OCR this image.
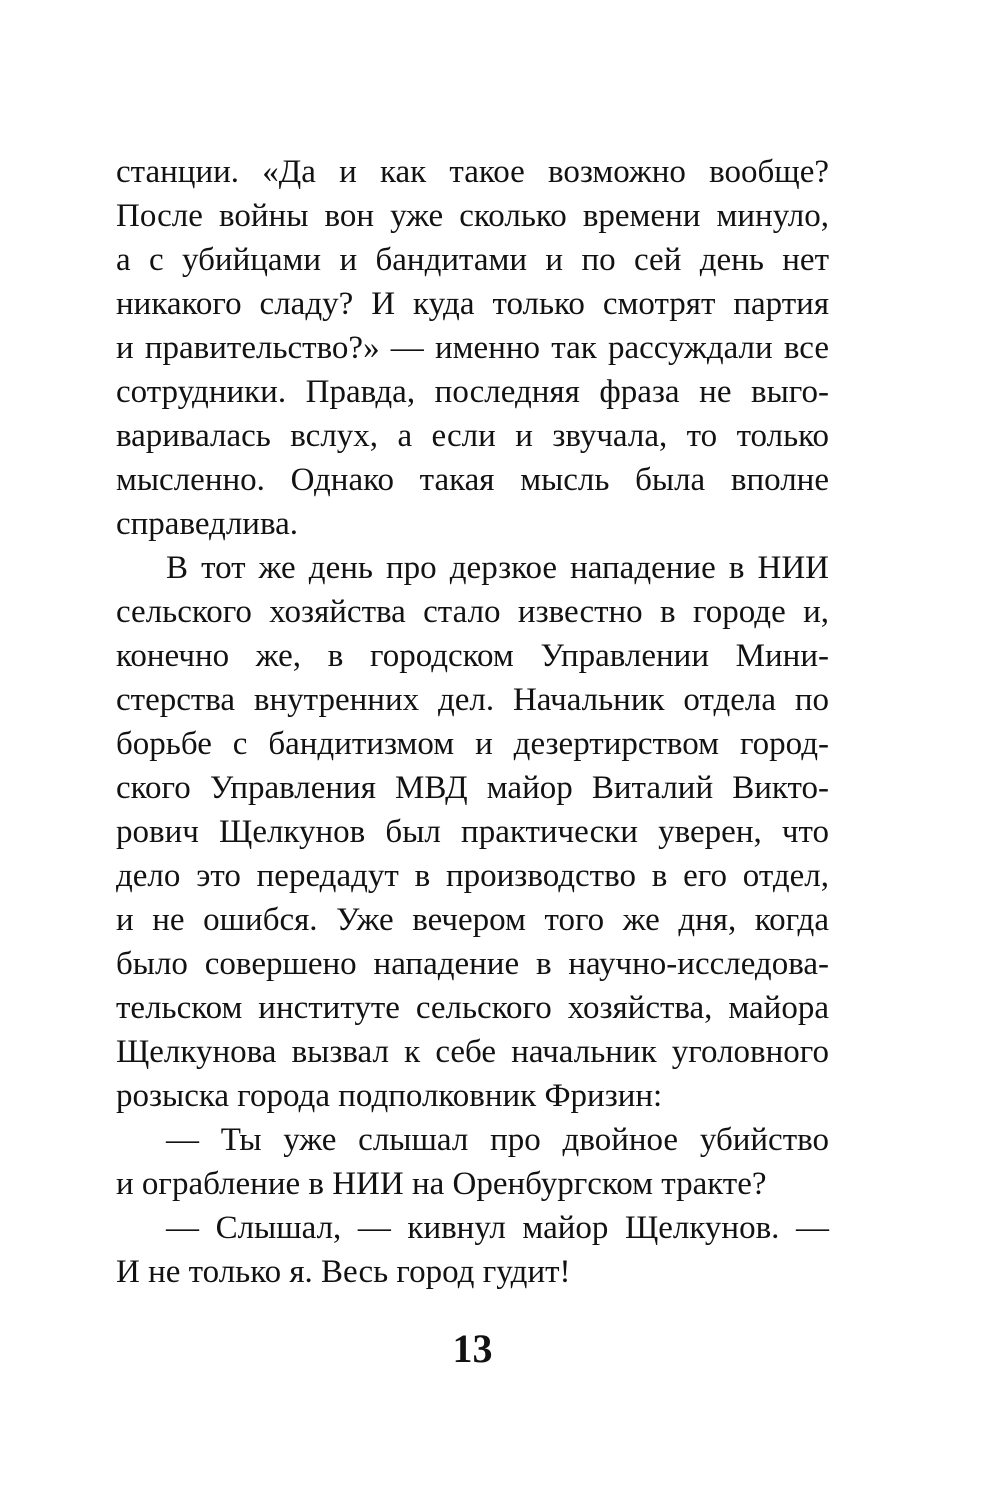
станции. «Да и как такое возможно вообще?
После войны вон уже сколько времени минуло,
а с убийцами и бандитами и по сей день нет
никакого сладу? И куда только смотрят партия
и правительство?» — именно так рассуждали все
сотрудники. Правда, последняя фраза не выго-
варивалась вслух, а если и звучала, то только
мысленно. Однако такая мысль была вполне
справедлива.
В тот же день про дерзкое нападение в НИИ
сельского хозяйства стало известно в городе и,
конечно же, в городском Управлении Мини-
стерства внутренних дел. Начальник отдела по
борьбе с бандитизмом и дезертирством город-
ского Управления МВД майор Виталий Викто-
рович Щелкунов был практически уверен, что
дело это передадут в производство в его отдел,
и не ошибся. Уже вечером того же дня, когда
было совершено нападение в научно-исследова-
тельском институте сельского хозяйства, майора
Щелкунова вызвал к себе начальник уголовного
розыска города подполковник Фризин:
— Ты уже слышал про двойное убийство
и ограбление в НИИ на Оренбургском тракте?
— Слышал, — кивнул майор Щелкунов. —
И не только я. Весь город гудит!
13
